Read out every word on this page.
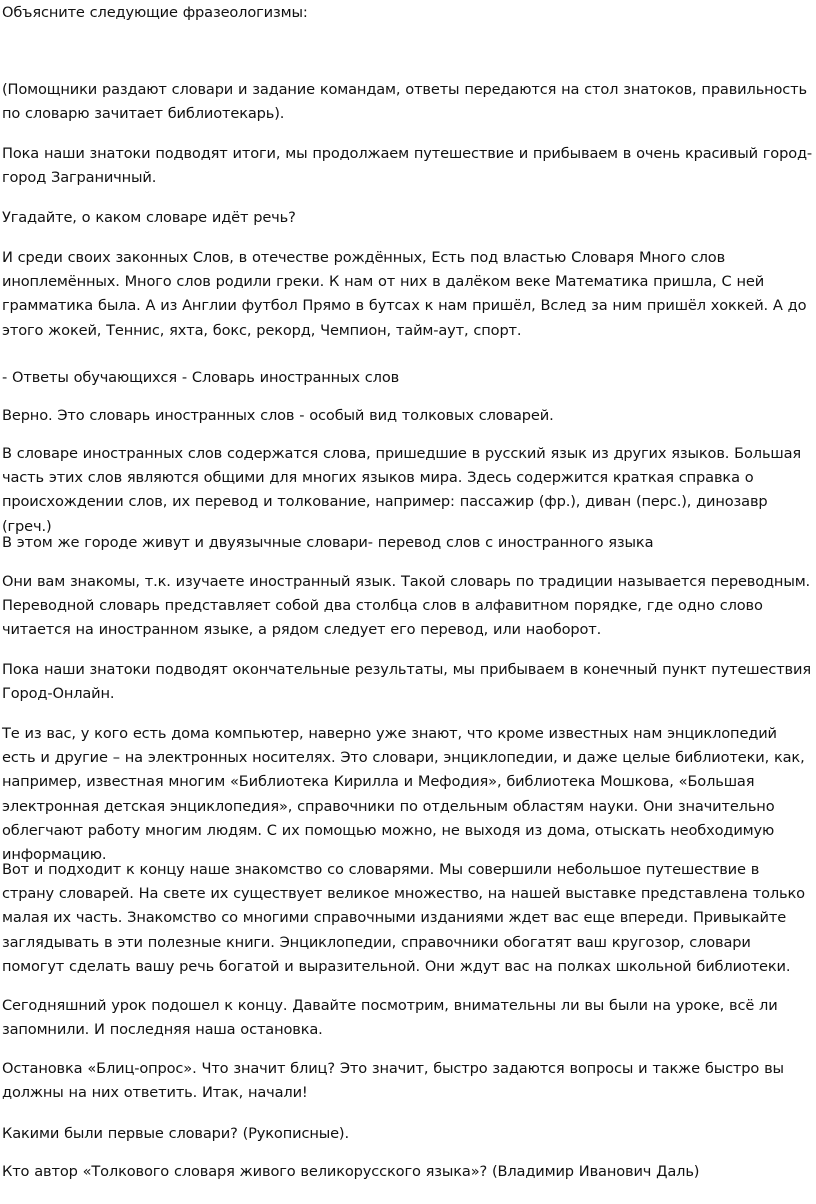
Объясните следующие фразеологизмы:

(Помощники раздают словари и задание командам, ответы передаются на стол знатоков, правильность по словарю зачитает библиотекарь).

Пока наши знатоки подводят итоги, мы продолжаем путешествие и прибываем в очень красивый город-город Заграничный.

Угадайте, о каком словаре идёт речь?

И среди своих законных Слов, в отечестве рождённых, Есть под властью Словаря Много слов иноплемённых. Много слов родили греки. К нам от них в далёком веке Математика пришла, С ней грамматика была. А из Англии футбол Прямо в бутсах к нам пришёл, Вслед за ним пришёл хоккей. А до этого жокей, Теннис, яхта, бокс, рекорд, Чемпион, тайм-аут, спорт.

- Ответы обучающихся - Словарь иностранных слов

Верно. Это словарь иностранных слов - особый вид толковых словарей.

В словаре иностранных слов содержатся слова, пришедшие в русский язык из других языков. Большая часть этих слов являются общими для многих языков мира. Здесь содержится краткая справка о происхождении слов, их перевод и толкование, например: пассажир (фр.), диван (перс.), динозавр (греч.)

В этом же городе живут и двуязычные словари- перевод слов с иностранного языка

Они вам знакомы, т.к. изучаете иностранный язык. Такой словарь по традиции называется переводным. Переводной словарь представляет собой два столбца слов в алфавитном порядке, где одно слово читается на иностранном языке, а рядом следует его перевод, или наоборот.

Пока наши знатоки подводят окончательные результаты, мы прибываем в конечный пункт путешествия Город-Онлайн.

Те из вас, у кого есть дома компьютер, наверно уже знают, что кроме известных нам энциклопедий есть и другие – на электронных носителях. Это словари, энциклопедии, и даже целые библиотеки, как, например, известная многим «Библиотека Кирилла и Мефодия», библиотека Мошкова, «Большая электронная детская энциклопедия», справочники по отдельным областям науки. Они значительно облегчают работу многим людям. С их помощью можно, не выходя из дома, отыскать необходимую информацию.

Вот и подходит к концу наше знакомство со словарями. Мы совершили небольшое путешествие в страну словарей. На свете их существует великое множество, на нашей выставке представлена только малая их часть. Знакомство со многими справочными изданиями ждет вас еще впереди. Привыкайте заглядывать в эти полезные книги. Энциклопедии, справочники обогатят ваш кругозор, словари помогут сделать вашу речь богатой и выразительной. Они ждут вас на полках школьной библиотеки.

Сегодняшний урок подошел к концу. Давайте посмотрим, внимательны ли вы были на уроке, всё ли запомнили. И последняя наша остановка.

Остановка «Блиц-опрос». Что значит блиц? Это значит, быстро задаются вопросы и также быстро вы должны на них ответить. Итак, начали!

Какими были первые словари? (Рукописные).

Кто автор «Толкового словаря живого великорусского языка»? (Владимир Иванович Даль)
